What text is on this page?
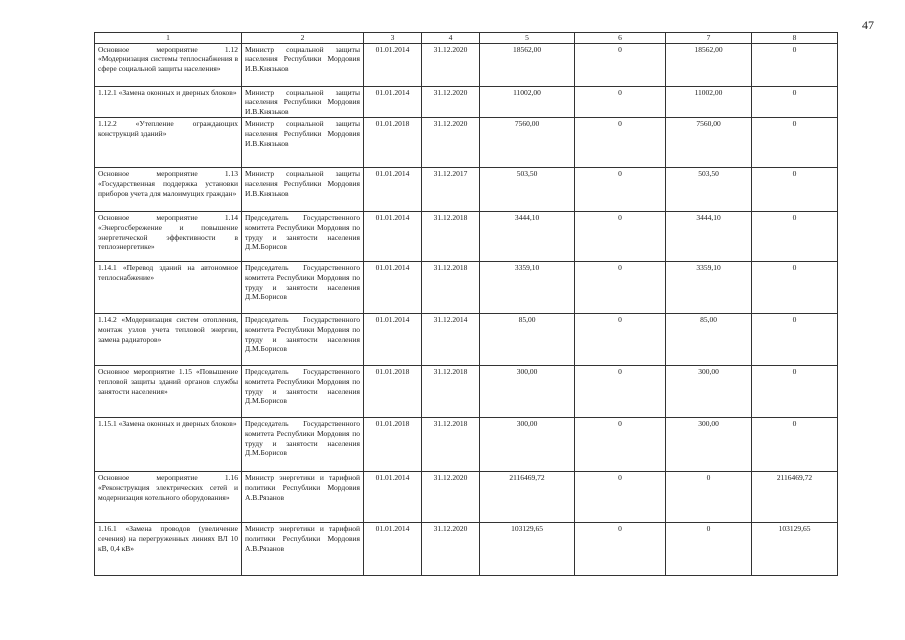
47
1	2	3	4	5	6	7	8
Основное мероприятие 1.12 «Модернизация системы теплоснабжения в сфере социальной защиты населения»	Министр социальной защиты населения Республики Мордовия И.В.Князьков	01.01.2014	31.12.2020	18562,00	0	18562,00	0
1.12.1 «Замена оконных и дверных блоков»	Министр социальной защиты населения Республики Мордовия И.В.Князьков	01.01.2014	31.12.2020	11002,00	0	11002,00	0
1.12.2 «Утепление ограждающих конструкций зданий»	Министр социальной защиты населения Республики Мордовия И.В.Князьков	01.01.2018	31.12.2020	7560,00	0	7560,00	0
Основное мероприятие 1.13 «Государственная поддержка установки приборов учета для малоимущих граждан»	Министр социальной защиты населения Республики Мордовия И.В.Князьков	01.01.2014	31.12.2017	503,50	0	503,50	0
Основное мероприятие 1.14 «Энергосбережение и повышение энергетической эффективности в теплоэнергетике»	Председатель Государственного комитета Республики Мордовия по труду и занятости населения Д.М.Борисов	01.01.2014	31.12.2018	3444,10	0	3444,10	0
1.14.1 «Перевод зданий на автономное теплоснабжение»	Председатель Государственного комитета Республики Мордовия по труду и занятости населения Д.М.Борисов	01.01.2014	31.12.2018	3359,10	0	3359,10	0
1.14.2 «Модернизация систем отопления, монтаж узлов учета тепловой энергии, замена радиаторов»	Председатель Государственного комитета Республики Мордовия по труду и занятости населения Д.М.Борисов	01.01.2014	31.12.2014	85,00	0	85,00	0
Основное мероприятие 1.15 «Повышение тепловой защиты зданий органов службы занятости населения»	Председатель Государственного комитета Республики Мордовия по труду и занятости населения Д.М.Борисов	01.01.2018	31.12.2018	300,00	0	300,00	0
1.15.1 «Замена оконных и дверных блоков»	Председатель Государственного комитета Республики Мордовия по труду и занятости населения Д.М.Борисов	01.01.2018	31.12.2018	300,00	0	300,00	0
Основное мероприятие 1.16 «Реконструкция электрических сетей и модернизация котельного оборудования»	Министр энергетики и тарифной политики Республики Мордовия А.В.Рязанов	01.01.2014	31.12.2020	2116469,72	0	0	2116469,72
1.16.1 «Замена проводов (увеличение сечения) на перегруженных линиях ВЛ 10 кВ, 0,4 кВ»	Министр энергетики и тарифной политики Республики Мордовия А.В.Рязанов	01.01.2014	31.12.2020	103129,65	0	0	103129,65
